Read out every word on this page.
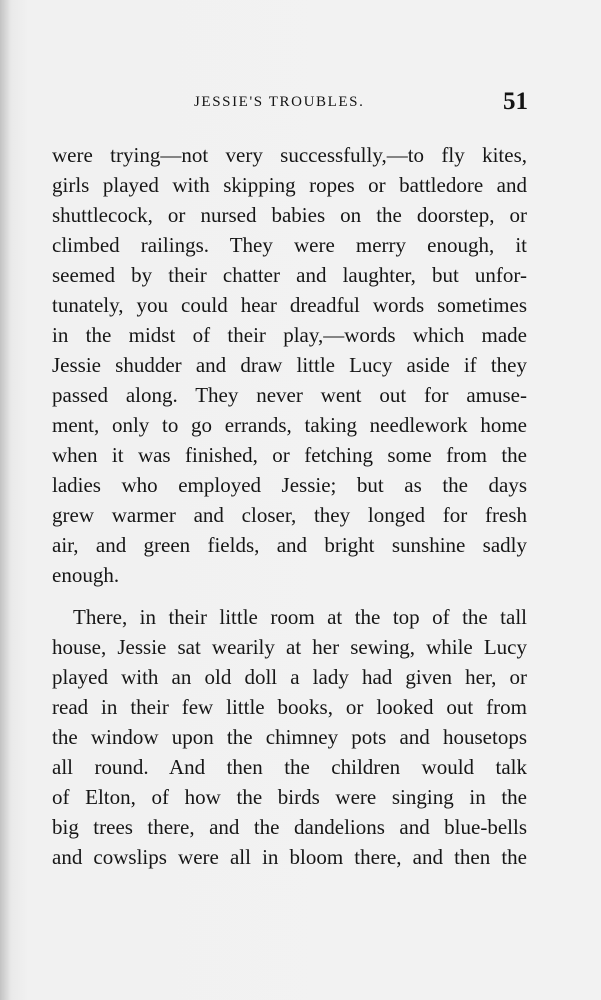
JESSIE'S TROUBLES.	51
were trying—not very successfully,—to fly kites,
girls played with skipping ropes or battledore and
shuttlecock, or nursed babies on the doorstep, or
climbed railings. They were merry enough, it
seemed by their chatter and laughter, but unfor-
tunately, you could hear dreadful words sometimes
in the midst of their play,—words which made
Jessie shudder and draw little Lucy aside if they
passed along. They never went out for amuse-
ment, only to go errands, taking needlework home
when it was finished, or fetching some from the
ladies who employed Jessie; but as the days
grew warmer and closer, they longed for fresh
air, and green fields, and bright sunshine sadly
enough.
There, in their little room at the top of the tall
house, Jessie sat wearily at her sewing, while Lucy
played with an old doll a lady had given her, or
read in their few little books, or looked out from
the window upon the chimney pots and housetops
all round. And then the children would talk
of Elton, of how the birds were singing in the
big trees there, and the dandelions and blue-bells
and cowslips were all in bloom there, and then the
